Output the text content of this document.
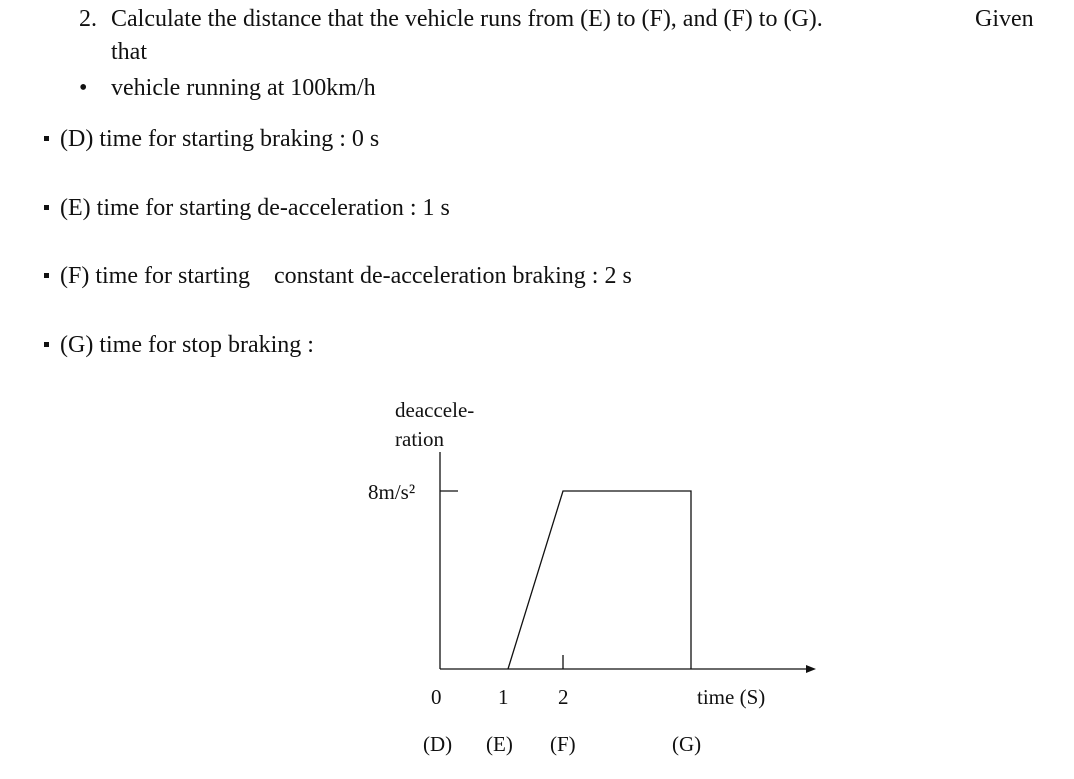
2. Calculate the distance that the vehicle runs from (E) to (F), and (F) to (G).	Given
that
• vehicle running at 100km/h
(D) time for starting braking : 0 s
(E) time for starting de-acceleration : 1 s
(F) time for starting    constant de-acceleration braking : 2 s
(G) time for stop braking :
deaccele-
ration
8m/s²
0	1 2	time (S)
(D) (E) (F)	(G)
